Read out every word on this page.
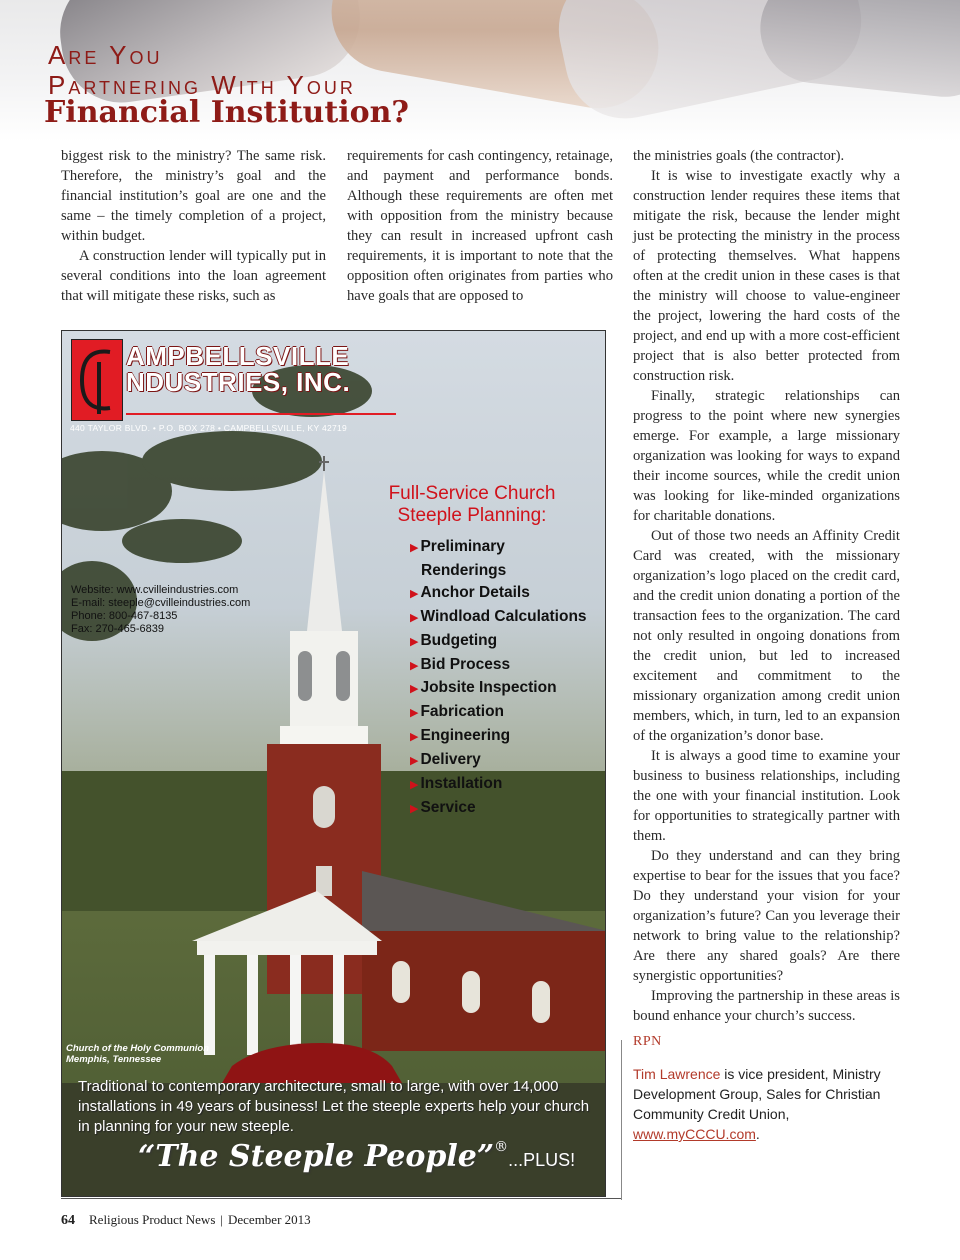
Are You
Partnering With Your
Financial Institution?

biggest risk to the ministry? The same risk. Therefore, the ministry’s goal and the financial institution’s goal are one and the same – the timely completion of a project, within budget.

A construction lender will typically put in several conditions into the loan agreement that will mitigate these risks, such as

requirements for cash contingency, retainage, and payment and performance bonds. Although these requirements are often met with opposition from the ministry because they can result in increased upfront cash requirements, it is important to note that the opposition often originates from parties who have goals that are opposed to

the ministries goals (the contractor).

It is wise to investigate exactly why a construction lender requires these items that mitigate the risk, because the lender might just be protecting the ministry in the process of protecting themselves. What happens often at the credit union in these cases is that the ministry will choose to value-engineer the project, lowering the hard costs of the project, and end up with a more cost-efficient project that is also better protected from construction risk.

Finally, strategic relationships can progress to the point where new synergies emerge. For example, a large missionary organization was looking for ways to expand their income sources, while the credit union was looking for like-minded organizations for charitable donations.

Out of those two needs an Affinity Credit Card was created, with the missionary organization’s logo placed on the credit card, and the credit union donating a portion of the transaction fees to the organization. The card not only resulted in ongoing donations from the credit union, but led to increased excitement and commitment to the missionary organization among credit union members, which, in turn, led to an expansion of the organization’s donor base.

It is always a good time to examine your business to business relationships, including the one with your financial institution. Look for opportunities to strategically partner with them.

Do they understand and can they bring expertise to bear for the issues that you face? Do they understand your vision for your organization’s future? Can you leverage their network to bring value to the relationship? Are there any shared goals? Are there synergistic opportunities?

Improving the partnership in these areas is bound enhance your church’s success.

RPN
Tim Lawrence is vice president, Ministry Development Group, Sales for Christian Community Credit Union, www.myCCCU.com.
AMPBELLSVILLE
NDUSTRIES, INC.
440 TAYLOR BLVD. • P.O. BOX 278 • CAMPBELLSVILLE, KY 42719
Website: www.cvilleindustries.com
E-mail: steeple@cvilleindustries.com
Phone: 800-467-8135
Fax: 270-465-6839
Full-Service Church
Steeple Planning:
▶ Preliminary
Renderings
▶ Anchor Details
▶ Windload Calculations
▶ Budgeting
▶ Bid Process
▶ Jobsite Inspection
▶ Fabrication
▶ Engineering
▶ Delivery
▶ Installation
▶ Service
Church of the Holy Communion
Memphis, Tennessee
Traditional to contemporary architecture, small to large, with over 14,000 installations in 49 years of business! Let the steeple experts help your church in planning for your new steeple.
“The Steeple People”®...PLUS!
64 Religious Product News | December 2013
